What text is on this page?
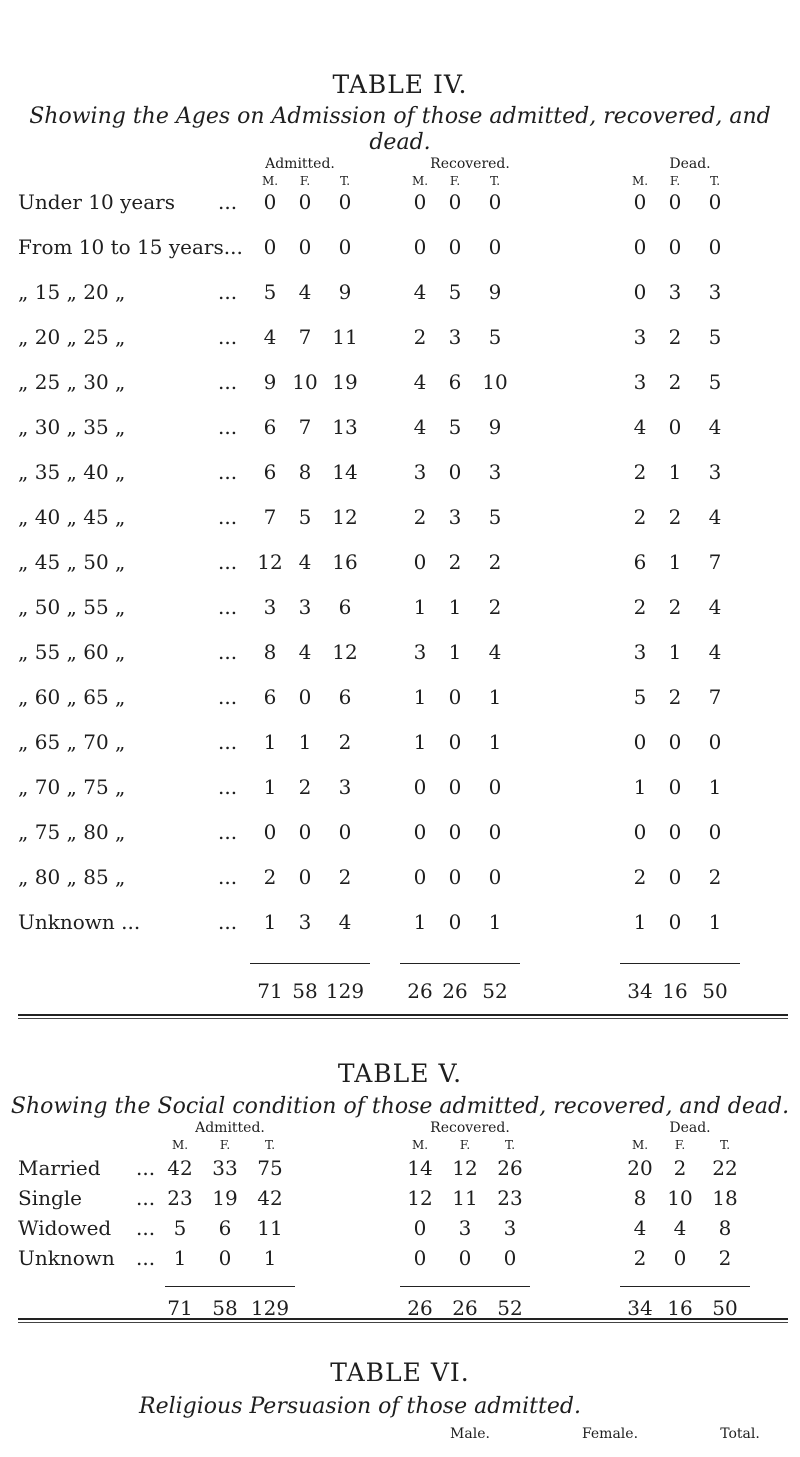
TABLE IV.
Showing the Ages on Admission of those admitted, recovered, and
dead.
Admitted.	Recovered.	Dead.
M.	F.	T.	M.	F.	T.	M.	F.	T.
Under 10 years ...	0	0	0	0	0	0	0	0	0
From 10 to 15 years...	0	0	0	0	0	0	0	0	0
„ 15 „ 20 „	...	5	4	9	4	5	9	0	3	3
„ 20 „ 25 „	...	4	7	11	2	3	5	3	2	5
„ 25 „ 30 „	...	9 10 19	4	6	10	3	2	5
„ 30 „ 35 „	...	6	7	13	4	5	9	4	0	4
„ 35 „ 40 „	...	6	8	14	3	0	3	2	1	3
„ 40 „ 45 „	...	7	5	12	2	3	5	2	2	4
„ 45 „ 50 „	...	12 4	16	0	2	2	6	1	7
„ 50 „ 55 „	...	3	3	6	1	1	2	2	2	4
„ 55 „ 60 „	...	8	4	12	3	1	4	3	1	4
„ 60 „ 65 „	...	6	0	6	1	0	1	5	2	7
„ 65 „ 70 „	...	1	1	2	1	0	1	0	0	0
„ 70 „ 75 „	...	1	2	3	0	0	0	1	0	1
„ 75 „ 80 „	...	0	0	0	0	0	0	0	0	0
„ 80 „ 85 „	...	2	0	2	0	0	0	2	0	2
Unknown ...	...	1	3	4	1	0	1	1	0	1
71 58 129	26 26 52	34 16 50
TABLE V.
Showing the Social condition of those admitted, recovered, and dead.
Admitted.	Recovered.	Dead.
M.	F.	T.	M.	F.	T.	M.	F.	T.
Married ... 42 33 75	14 12 26	20	2	22
Single	... 23 19 42	12 11 23	8	10 18
Widowed ... 5	6	11	0	3	3	4	4	8
Unknown ... 1	0	1	0	0	0	2	0	2
71 58 129	26 26 52	34 16 50
TABLE VI.
Religious Persuasion of those admitted.
Male.	Female.	Total.
